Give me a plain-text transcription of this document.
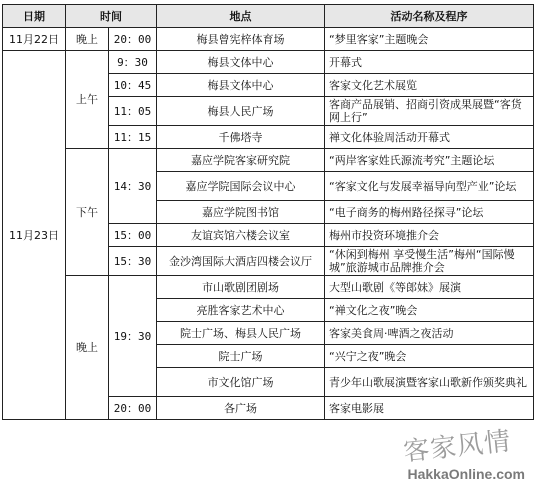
日期	时间		地点	活动名称及程序
11月22日	晚上	20：00	梅县曾宪梓体育场	“梦里客家”主题晚会
11月23日	上午	9：30	梅县文体中心	开幕式
		10：45	梅县文体中心	客家文化艺术展览
		11：05	梅县人民广场	客商产品展销、招商引资成果展暨“客货网上行”
		11：15	千佛塔寺	禅文化体验周活动开幕式
	下午	14：30	嘉应学院客家研究院	“两岸客家姓氏源流考究”主题论坛
			嘉应学院国际会议中心	“客家文化与发展幸福导向型产业”论坛
			嘉应学院图书馆	“电子商务的梅州路径探寻”论坛
		15：00	友谊宾馆六楼会议室	梅州市投资环境推介会
		15：30	金沙湾国际大酒店四楼会议厅	“休闲到梅州 享受慢生活”梅州“国际慢城”旅游城市品牌推介会
	晚上	19：30	市山歌剧团剧场	大型山歌剧《等郎妹》展演
			亮胜客家艺术中心	“禅文化之夜”晚会
			院士广场、梅县人民广场	客家美食周·啤酒之夜活动
			院士广场	“兴宁之夜”晚会
			市文化馆广场	青少年山歌展演暨客家山歌新作颁奖典礼
		20：00	各广场	客家电影展
客家风情
HakkaOnline.com
